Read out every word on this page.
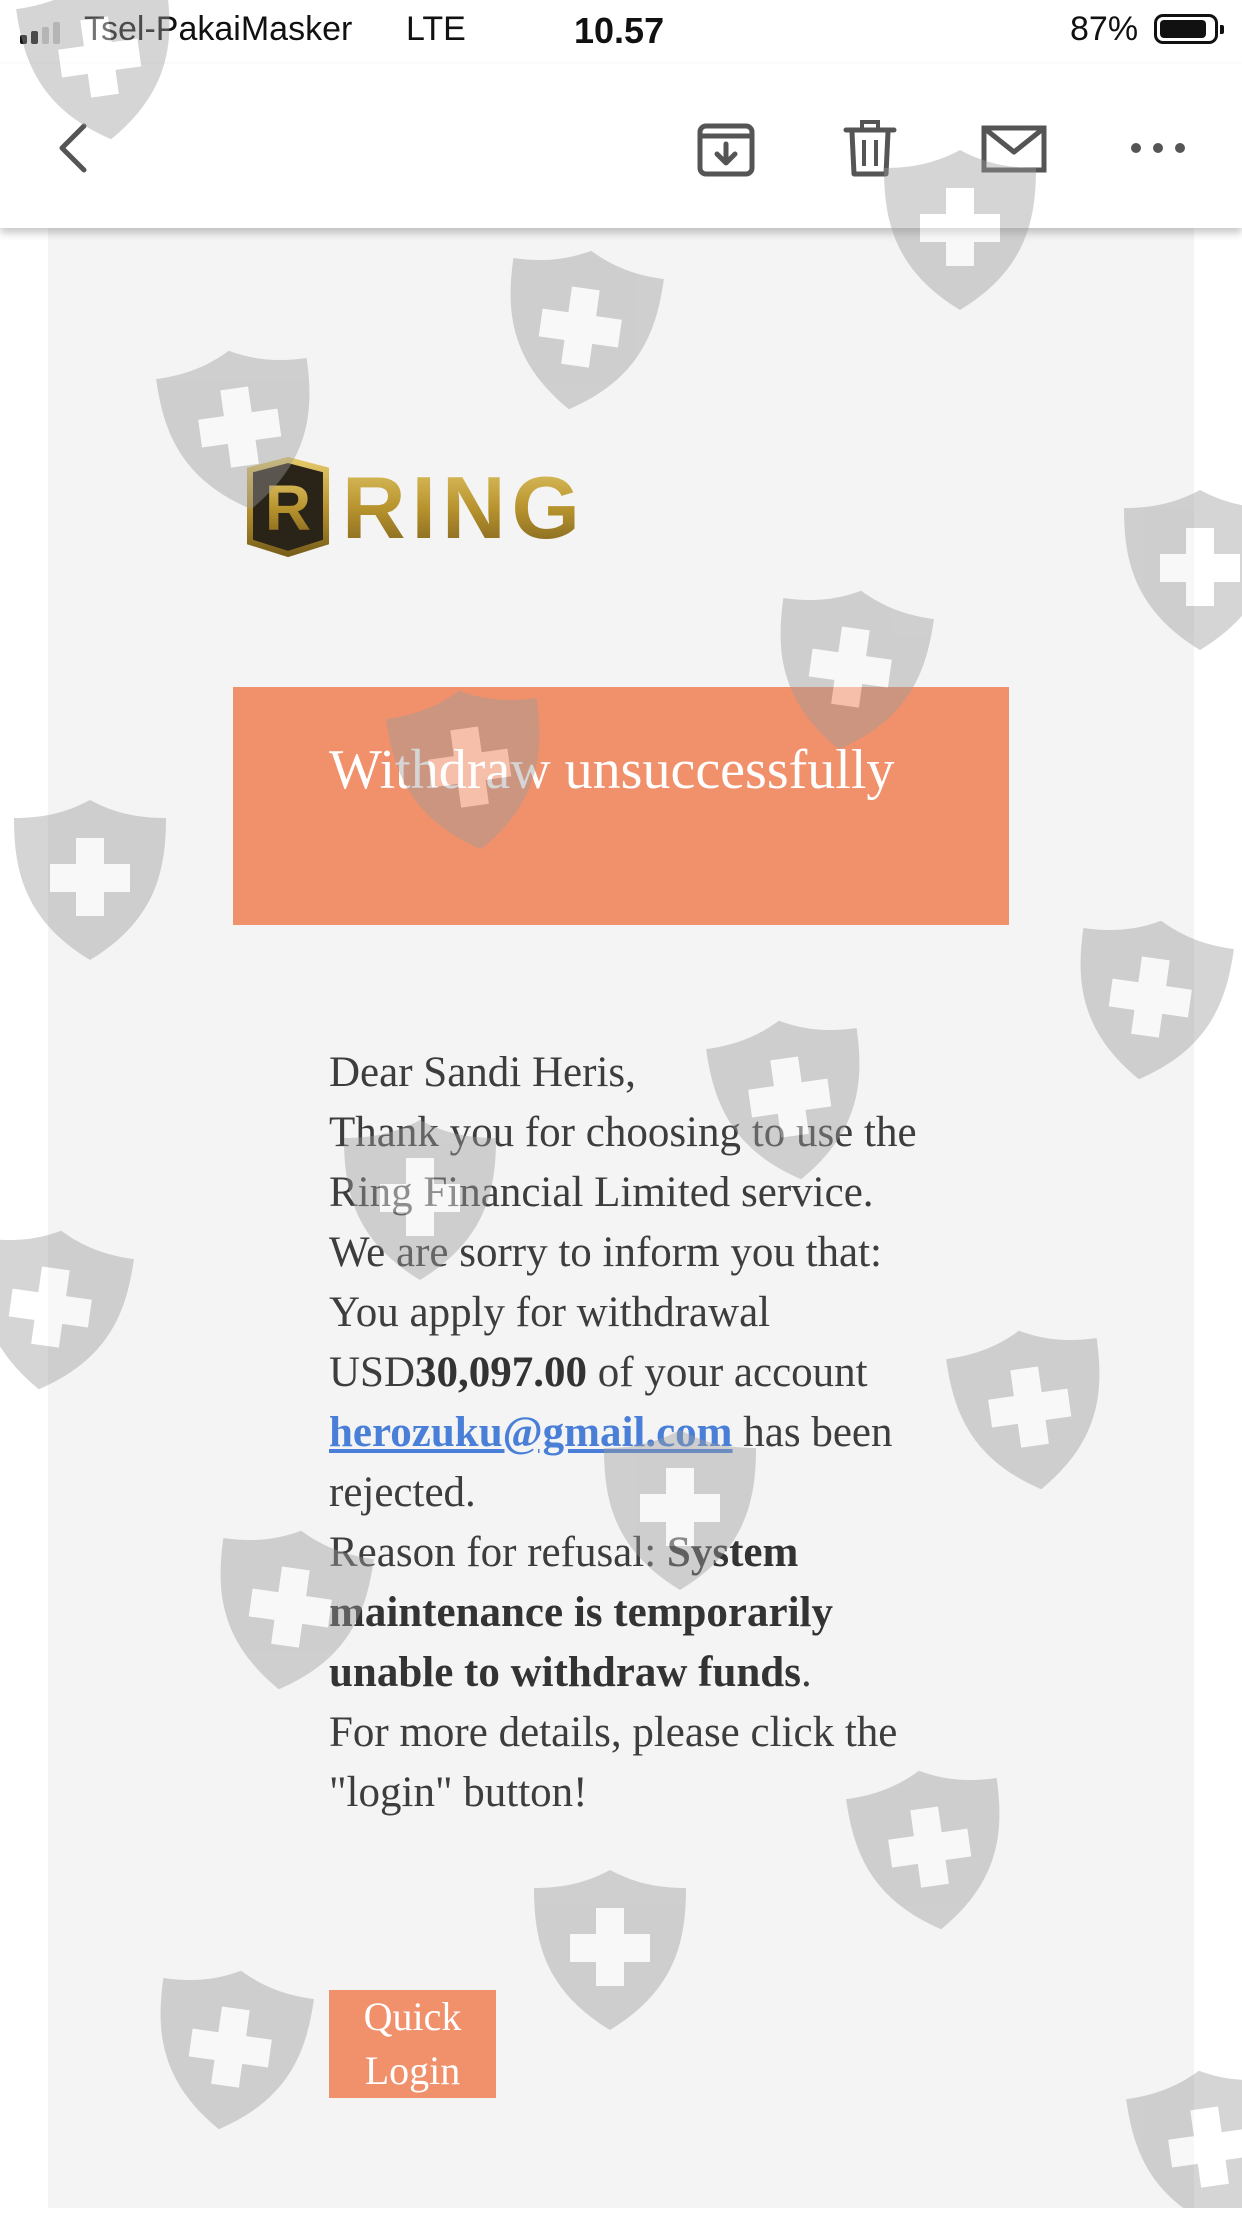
Tsel-PakaiMasker LTE	10.57	87%
R RING
Withdraw unsuccessfully

Dear Sandi Heris,

Thank you for choosing to use the Ring Financial Limited service. We are sorry to inform you that:

You apply for withdrawal USD30,097.00 of your account herozuku@gmail.com has been rejected.

Reason for refusal: System maintenance is temporarily unable to withdraw funds.

For more details, please click the "login" button!

Quick Login
